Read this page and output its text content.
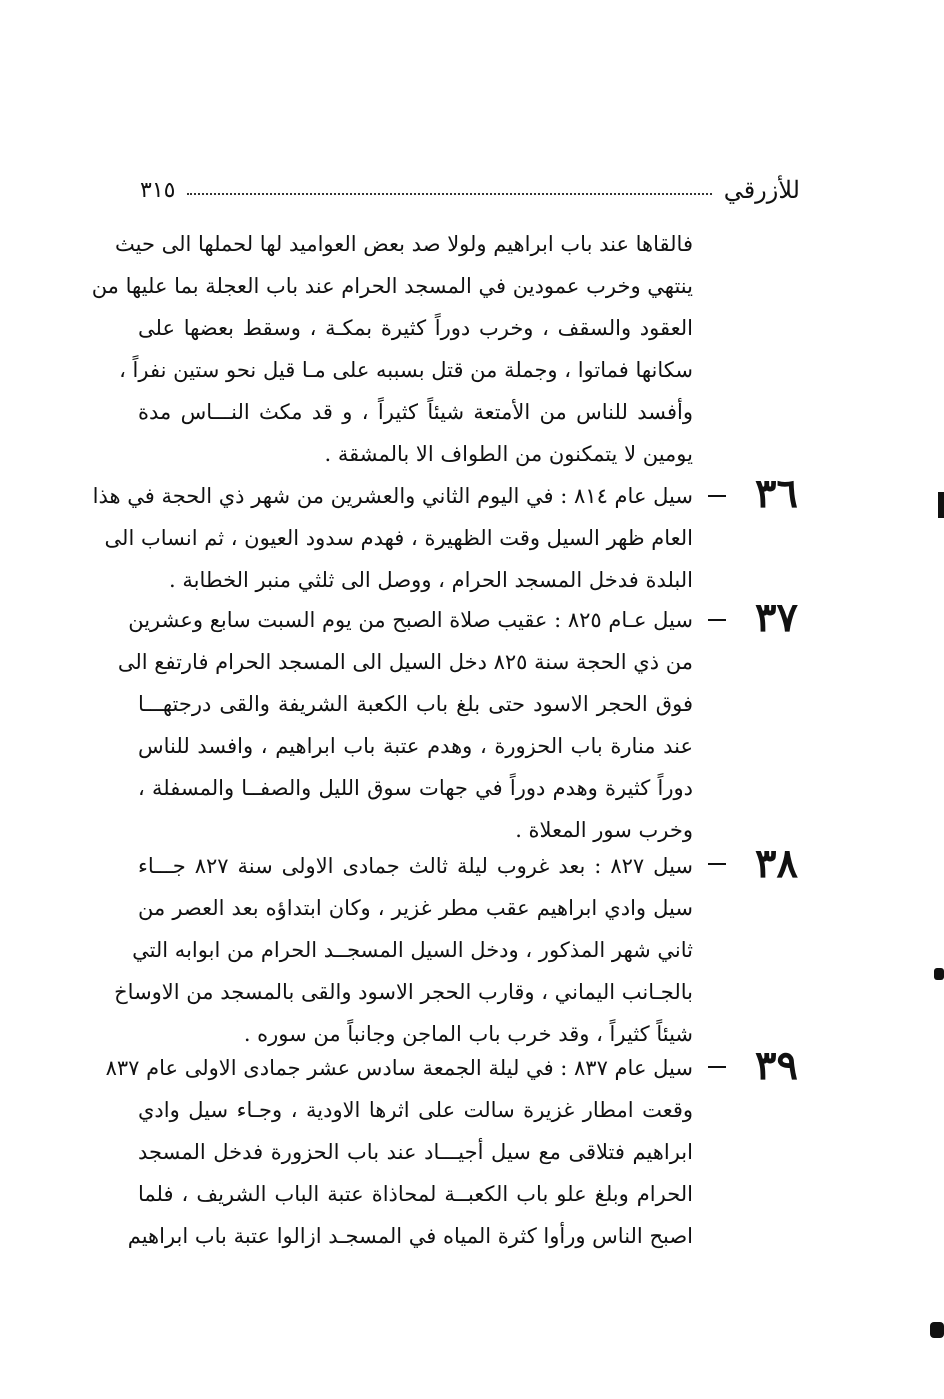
للأزرقي
٣١٥
فالقاها عند باب ابراهيم ولولا صد بعض العواميد لها لحملها الى حيث
ينتهي وخرب عمودين في المسجد الحرام عند باب العجلة بما عليها من
العقود والسقف ، وخرب دوراً كثيرة بمكـة ، وسقط بعضها على
سكانها فماتوا ، وجملة من قتل بسببه على مـا قيل نحو ستين نفراً ،
وأفسد للناس من الأمتعة شيئاً كثيراً ، و قد مكث النـــاس مدة
يومين لا يتمكنون من الطواف الا بالمشقة .
٣٦
سيل عام ٨١٤ : في اليوم الثاني والعشرين من شهر ذي الحجة في هذا
العام ظهر السيل وقت الظهيرة ، فهدم سدود العيون ، ثم انساب الى
البلدة فدخل المسجد الحرام ، ووصل الى ثلثي منبر الخطابة .
٣٧
سيل عـام ٨٢٥ : عقيب صلاة الصبح من يوم السبت سابع وعشرين
من ذي الحجة سنة ٨٢٥ دخل السيل الى المسجد الحرام فارتفع الى
فوق الحجر الاسود حتى بلغ باب الكعبة الشريفة والقى درجتهـــا
عند منارة باب الحزورة ، وهدم عتبة باب ابراهيم ، وافسد للناس
دوراً كثيرة وهدم دوراً في جهات سوق الليل والصفــا والمسفلة ،
وخرب سور المعلاة .
٣٨
سيل ٨٢٧ : بعد غروب ليلة ثالث جمادى الاولى سنة ٨٢٧ جـــاء
سيل وادي ابراهيم عقب مطر غزير ، وكان ابتداؤه بعد العصر من
ثاني شهر المذكور ، ودخل السيل المسجــد الحرام من ابوابه التي
بالجـانب اليماني ، وقارب الحجر الاسود والقى بالمسجد من الاوساخ
شيئاً كثيراً ، وقد خرب باب الماجن وجانباً من سوره .
٣٩
سيل عام ٨٣٧ : في ليلة الجمعة سادس عشر جمادى الاولى عام ٨٣٧
وقعت امطار غزيرة سالت على اثرها الاودية ، وجـاء سيل وادي
ابراهيم فتلاقى مع سيل أجيـــاد عند باب الحزورة فدخل المسجد
الحرام وبلغ علو باب الكعبــة لمحاذاة عتبة الباب الشريف ، فلما
اصبح الناس ورأوا كثرة المياه في المسجـد ازالوا عتبة باب ابراهيم
